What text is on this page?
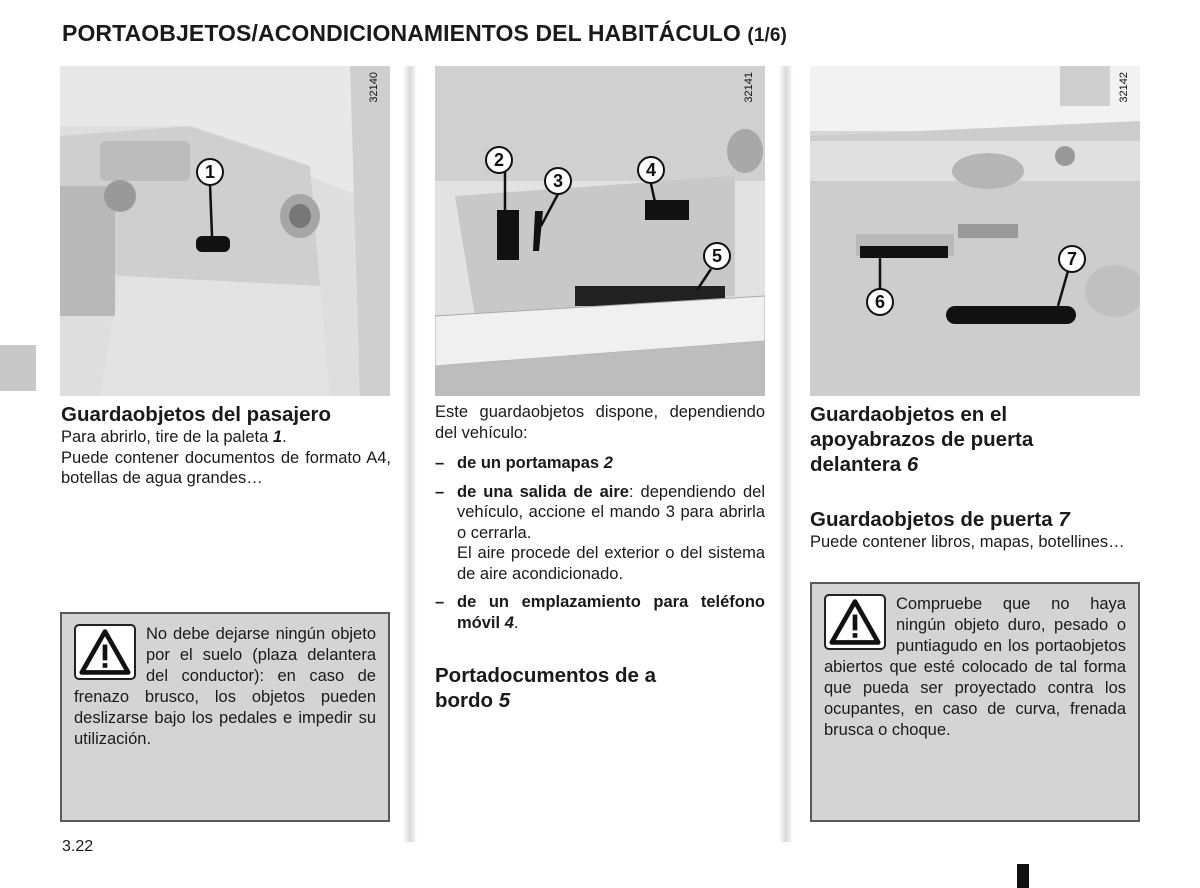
PORTAOBJETOS/ACONDICIONAMIENTOS DEL HABITÁCULO (1/6)
32140
1
32141
2
3
4
5
32142
6
7
Guardaobjetos del pasajero

Para abrirlo, tire de la paleta 1.

Puede contener documentos de formato A4, botellas de agua grandes…

No debe dejarse ningún objeto por el suelo (plaza delantera del conductor): en caso de frenazo brusco, los objetos pueden deslizarse bajo los pedales e impedir su utilización.

Este guardaobjetos dispone, dependiendo del vehículo:

– de un portamapas 2
– de una salida de aire: dependiendo del vehículo, accione el mando 3 para abrirla o cerrarla.

El aire procede del exterior o del sistema de aire acondicionado.

– de un emplazamiento para teléfono móvil 4.
Portadocumentos de a bordo 5
Guardaobjetos en el apoyabrazos de puerta delantera 6
Guardaobjetos de puerta 7

Puede contener libros, mapas, botellines…

Compruebe que no haya ningún objeto duro, pesado o puntiagudo en los portaobjetos abiertos que esté colocado de tal forma que pueda ser proyectado contra los ocupantes, en caso de curva, frenada brusca o choque.
3.22
